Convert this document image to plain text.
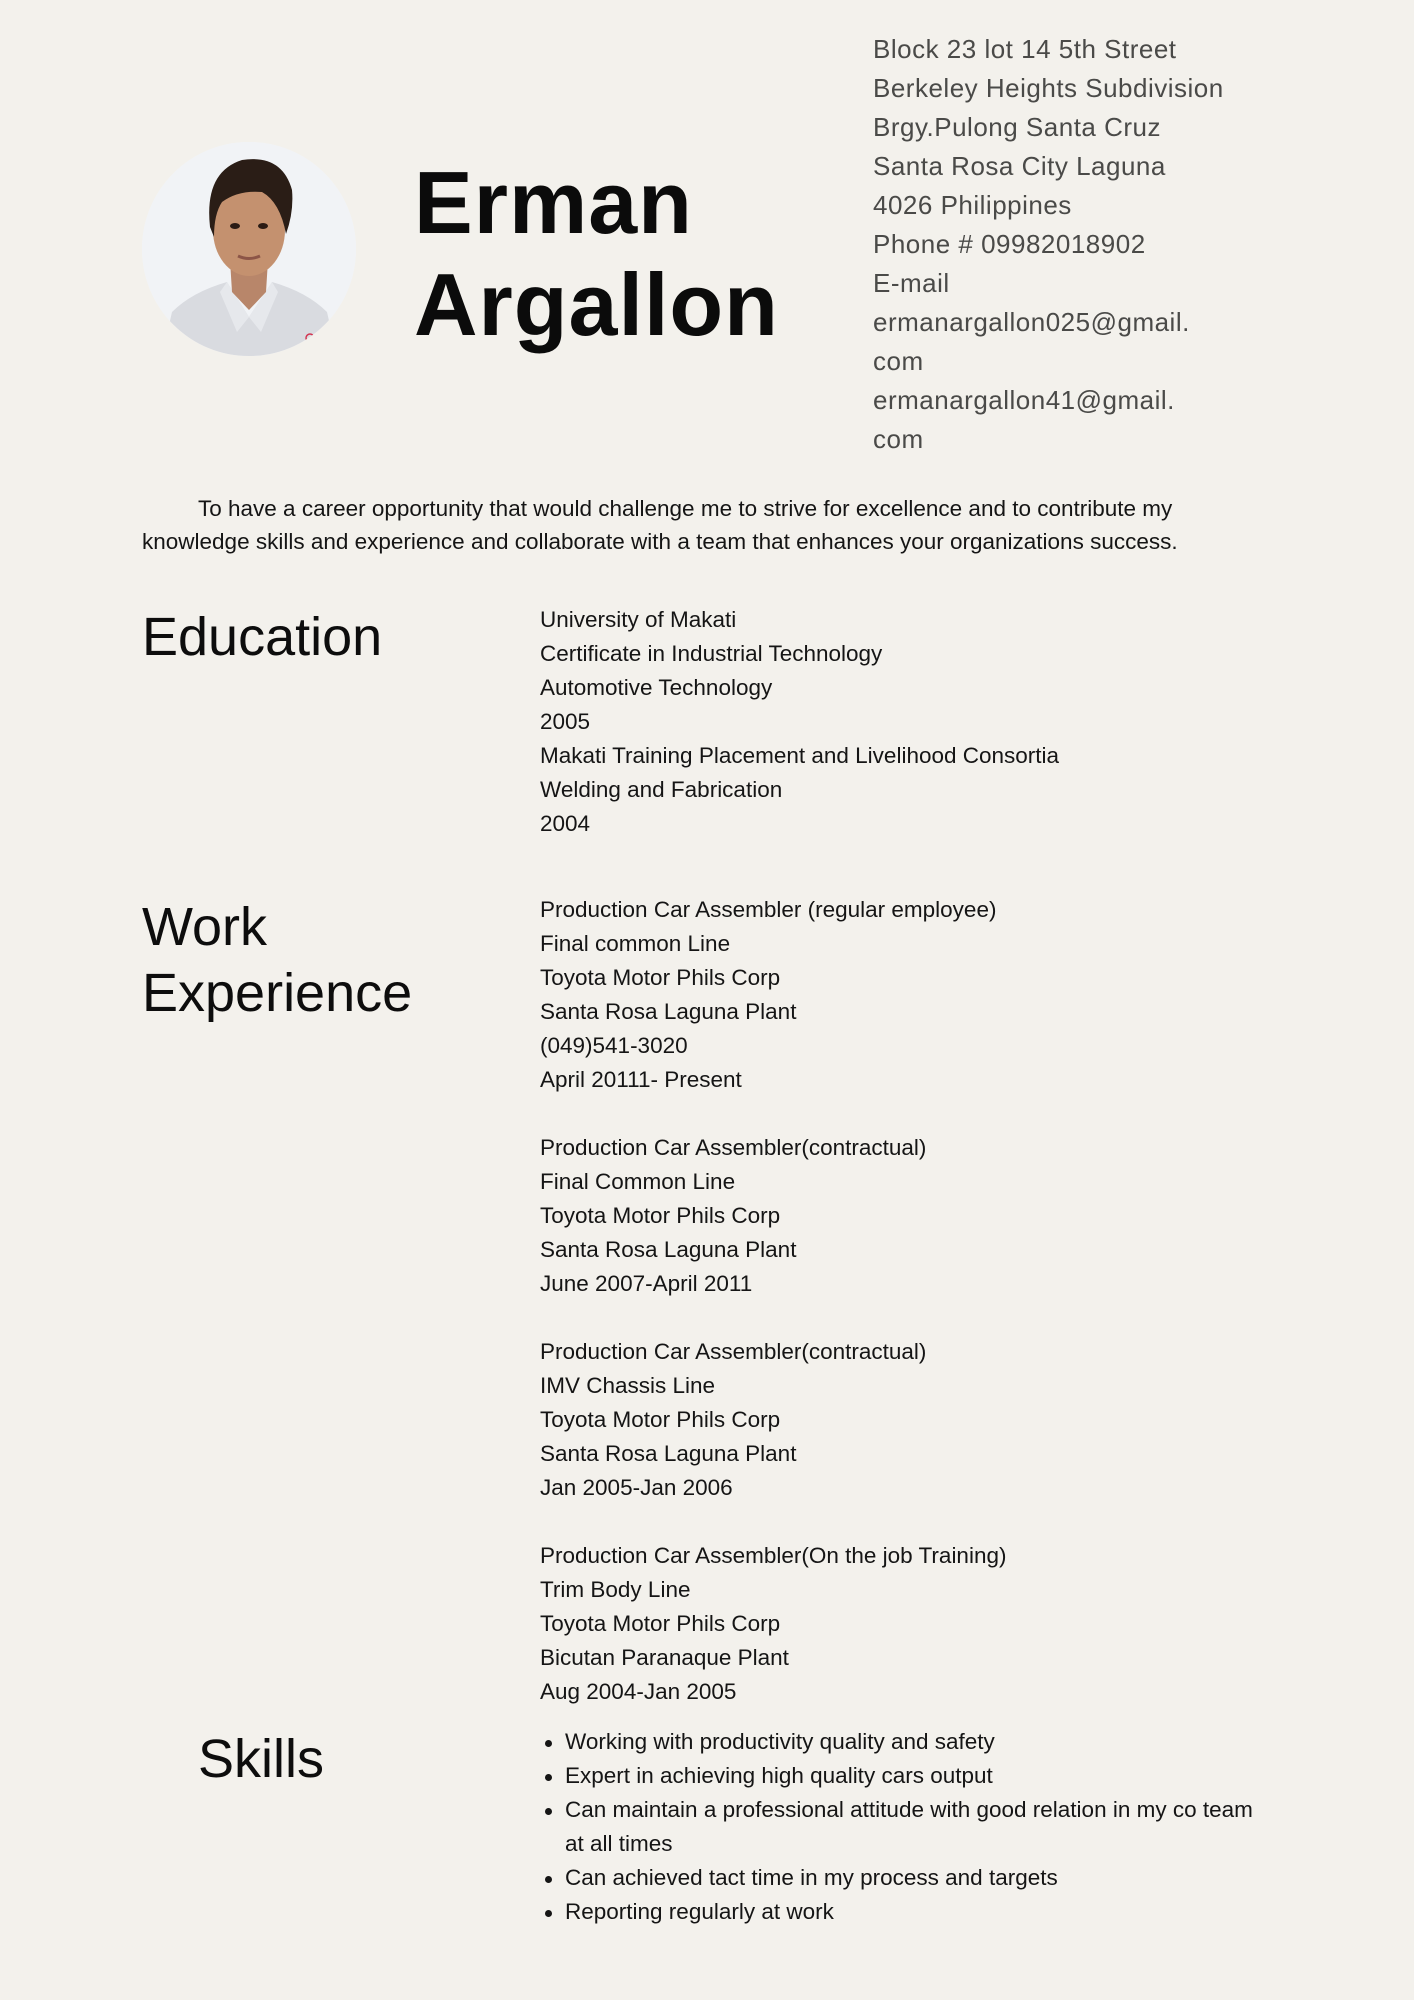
Erman
Argallon
Block 23 lot 14 5th Street
Berkeley Heights Subdivision
Brgy.Pulong Santa Cruz
Santa Rosa City Laguna
4026 Philippines
Phone # 09982018902
E-mail
ermanargallon025@gmail.
com
ermanargallon41@gmail.
com
To have a career opportunity that would challenge me to strive for excellence and to contribute my knowledge skills and experience and collaborate with a team that enhances your organizations success.
Education	University of Makati
Certificate in Industrial Technology
Automotive Technology
2005
Makati Training Placement and Livelihood Consortia
Welding and Fabrication
2004
Work
Experience
Production Car Assembler (regular employee)
Final common Line
Toyota Motor Phils Corp
Santa Rosa Laguna Plant
(049)541-3020
April 20111- Present
Production Car Assembler(contractual)
Final Common Line
Toyota Motor Phils Corp
Santa Rosa Laguna Plant
June 2007-April 2011
Production Car Assembler(contractual)
IMV Chassis Line
Toyota Motor Phils Corp
Santa Rosa Laguna Plant
Jan 2005-Jan 2006
Production Car Assembler(On the job Training)
Trim Body Line
Toyota Motor Phils Corp
Bicutan Paranaque Plant
Aug 2004-Jan 2005
Skills	Working with productivity quality and safety
Expert in achieving high quality cars output
Can maintain a professional attitude with good relation in my co team at all times
Can achieved tact time in my process and targets
Reporting regularly at work
